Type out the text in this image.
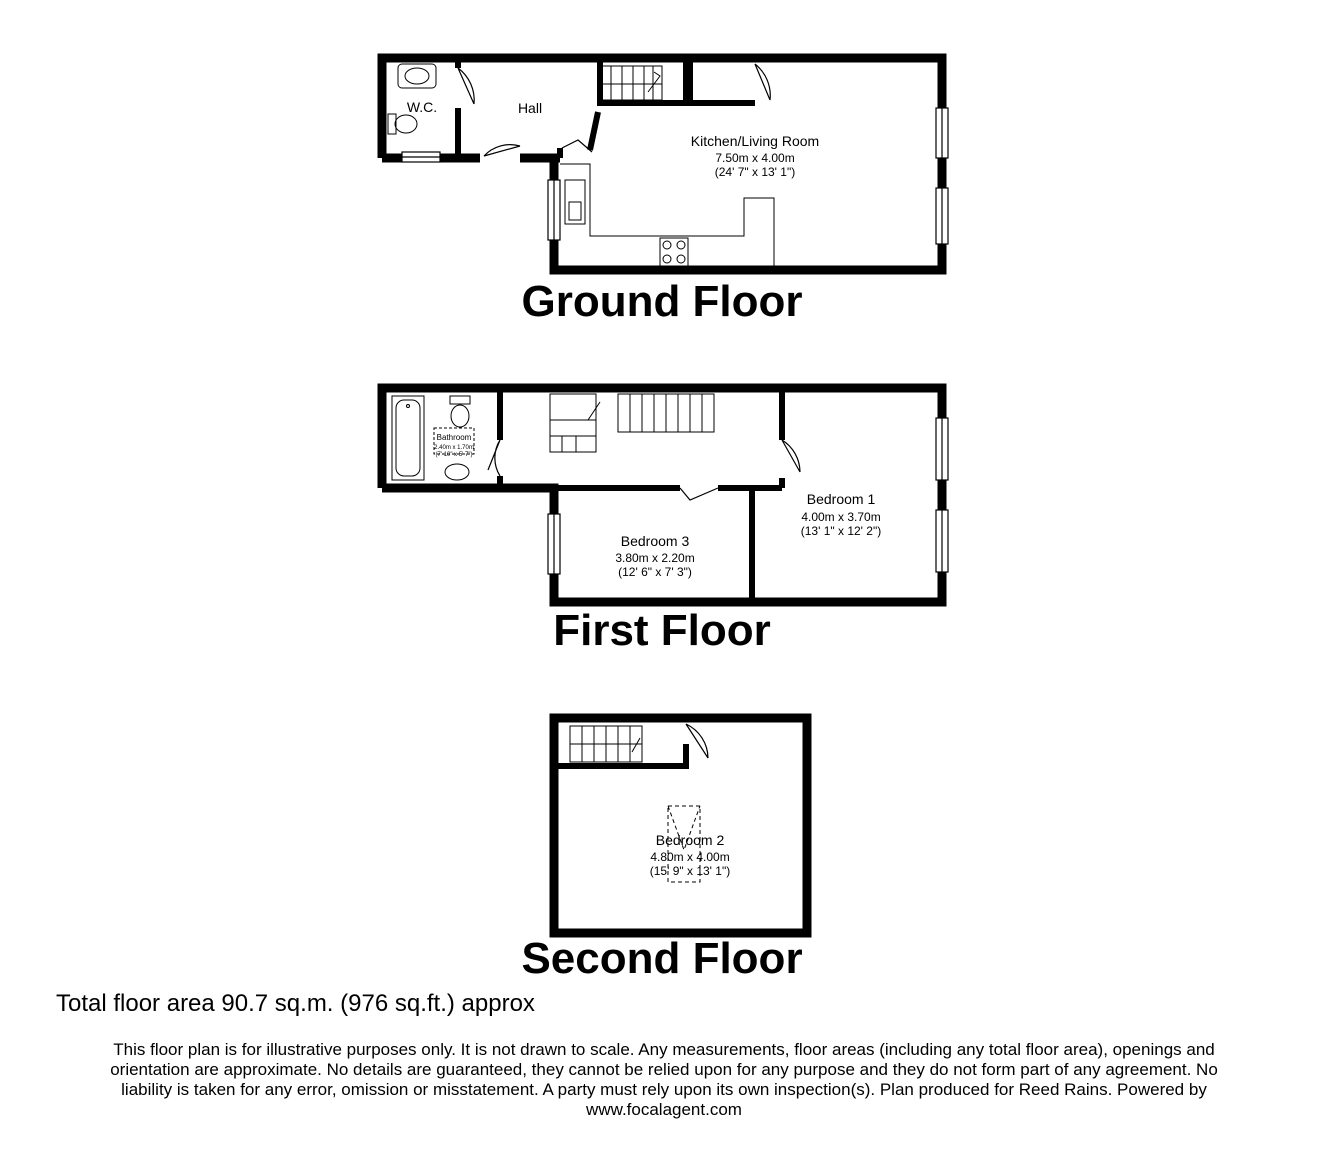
W.C.	Hall
Kitchen/Living Room
7.50m x 4.00m
(24' 7" x 13' 1")
Bathroom
2.40m x 1.70m
(7' 10" x 5' 7")
Bedroom 1
4.00m x 3.70m
(13' 1" x 12' 2")
Bedroom 3
3.80m x 2.20m
(12' 6" x 7' 3")
Bedroom 2
4.80m x 4.00m
(15' 9" x 13' 1")
Ground Floor
First Floor
Second Floor
Total floor area 90.7 sq.m. (976 sq.ft.) approx
This floor plan is for illustrative purposes only. It is not drawn to scale. Any measurements, floor areas (including any total floor area), openings and
orientation are approximate. No details are guaranteed, they cannot be relied upon for any purpose and they do not form part of any agreement. No
liability is taken for any error, omission or misstatement. A party must rely upon its own inspection(s). Plan produced for Reed Rains. Powered by
www.focalagent.com
